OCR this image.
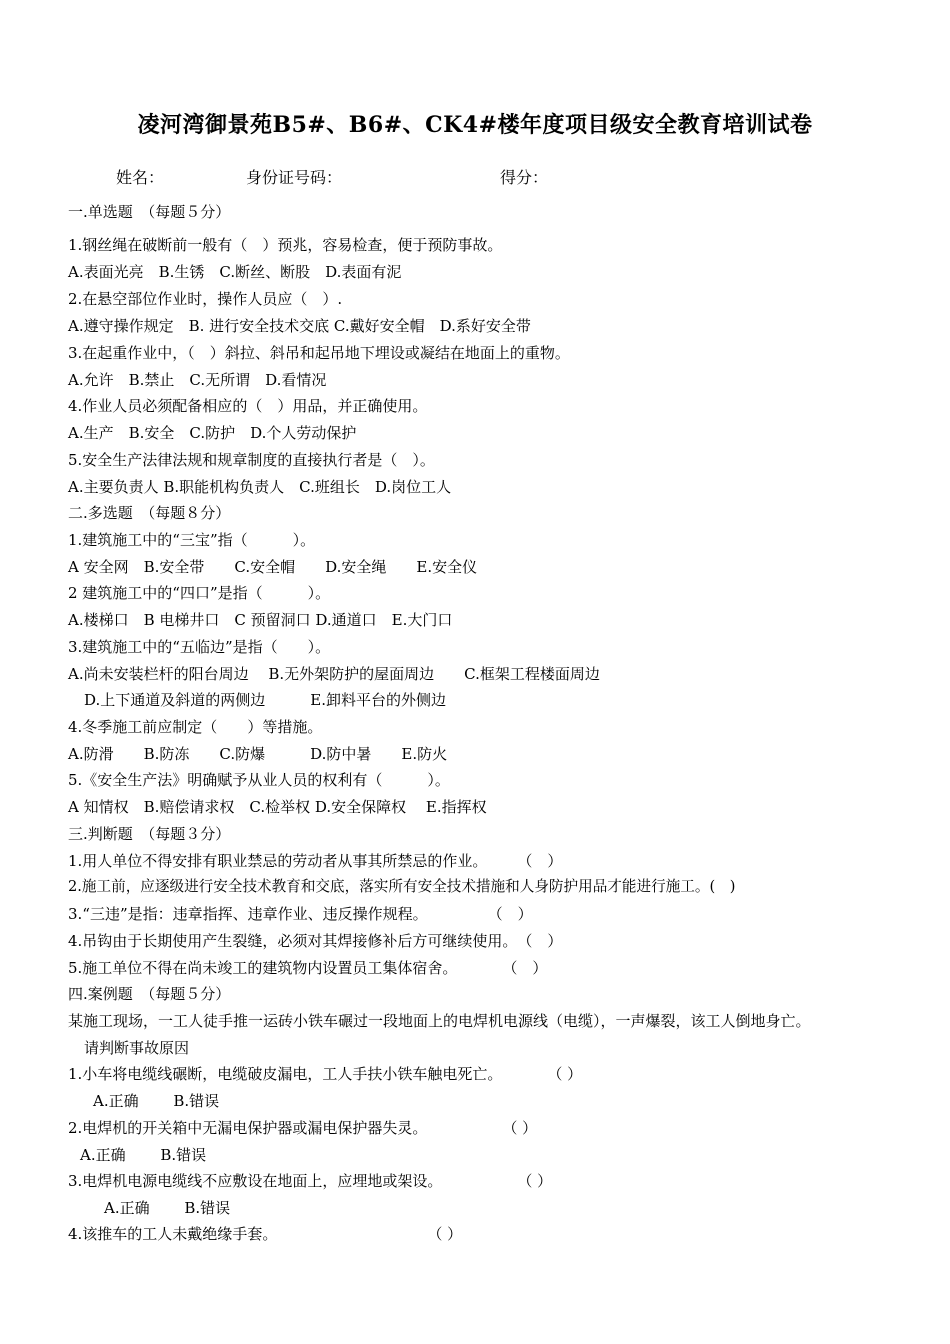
凌河湾御景苑B5#、B6#、CK4#楼年度项目级安全教育培训试卷
姓名：	身份证号码：	得分：
一.单选题　（每题５分）
1.钢丝绳在破断前一般有（　）预兆，容易检查，便于预防事故。
A.表面光亮　B.生锈　C.断丝、断股　D.表面有泥
2.在悬空部位作业时，操作人员应（　）.
A.遵守操作规定　B. 进行安全技术交底 C.戴好安全帽　D.系好安全带
3.在起重作业中，（　）斜拉、斜吊和起吊地下埋设或凝结在地面上的重物。
A.允许　B.禁止　C.无所谓　D.看情况
4.作业人员必须配备相应的（　）用品，并正确使用。
A.生产　B.安全　C.防护　D.个人劳动保护
5.安全生产法律法规和规章制度的直接执行者是（　）。
A.主要负责人 B.职能机构负责人　C.班组长　D.岗位工人
二.多选题　（每题８分）
1.建筑施工中的“三宝”指（　　　）。
A 安全网　B.安全带　　C.安全帽　　D.安全绳　　E.安全仪
2 建筑施工中的“四口”是指（　　　）。
A.楼梯口　B 电梯井口　C 预留洞口 D.通道口　E.大门口
3.建筑施工中的“五临边”是指（　　）。
A.尚未安装栏杆的阳台周边　 B.无外架防护的屋面周边　　C.框架工程楼面周边
D.上下通道及斜道的两侧边　　　E.卸料平台的外侧边
4.冬季施工前应制定（　　）等措施。
A.防滑　　B.防冻　　C.防爆　　　D.防中暑　　E.防火
5.《安全生产法》明确赋予从业人员的权利有（　　　）。
A 知情权　B.赔偿请求权　C.检举权 D.安全保障权　 E.指挥权
三.判断题　（每题３分）
1.用人单位不得安排有职业禁忌的劳动者从事其所禁忌的作业。　　　（　）
2.施工前，应逐级进行安全技术教育和交底，落实所有安全技术措施和人身防护用品才能进行施工。(　)
3.“三违”是指：违章指挥、违章作业、违反操作规程。　　　　　（　）
4.吊钩由于长期使用产生裂缝，必须对其焊接修补后方可继续使用。　（　）
5.施工单位不得在尚未竣工的建筑物内设置员工集体宿舍。　　　　（　）
四.案例题　（每题５分）
某施工现场，一工人徒手推一运砖小铁车碾过一段地面上的电焊机电源线（电缆），一声爆裂，该工人倒地身亡。
请判断事故原因
1.小车将电缆线碾断，电缆破皮漏电，工人手扶小铁车触电死亡。　　　　（ ）
A.正确　　 B.错误
2.电焊机的开关箱中无漏电保护器或漏电保护器失灵。　　　　　　（ ）
A.正确　　 B.错误
3.电焊机电源电缆线不应敷设在地面上，应埋地或架设。　　　　　　（ ）
A.正确　　 B.错误
4.该推车的工人未戴绝缘手套。　　　　　　　　　　　（ ）
